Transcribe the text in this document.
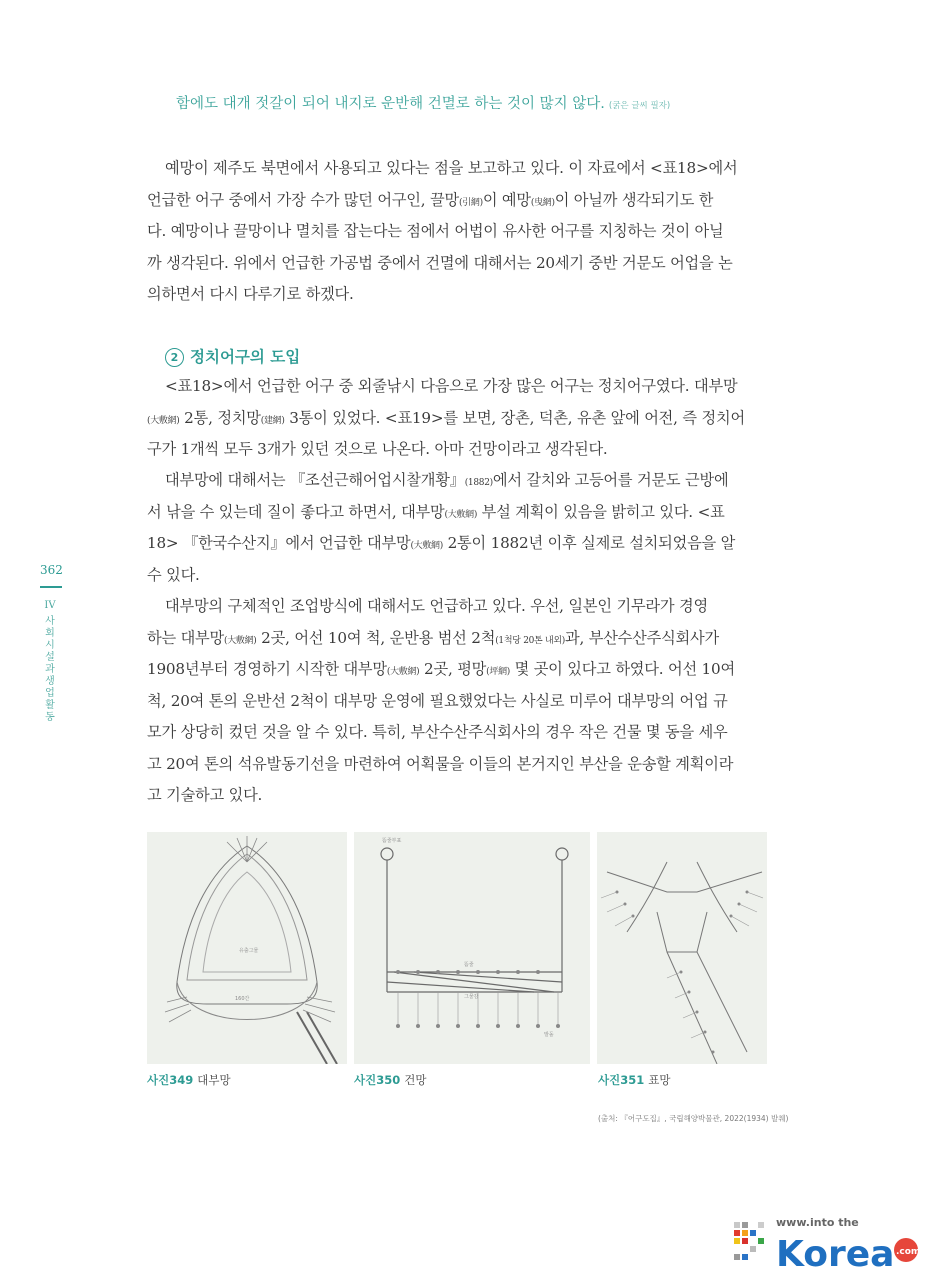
함에도 대개 젓갈이 되어 내지로 운반해 건멸로 하는 것이 많지 않다. (굵은 글씨 필자)
예망이 제주도 북면에서 사용되고 있다는 점을 보고하고 있다. 이 자료에서 <표18>에서
언급한 어구 중에서 가장 수가 많던 어구인, 끌망(引網)이 예망(曳網)이 아닐까 생각되기도 한
다. 예망이나 끌망이나 멸치를 잡는다는 점에서 어법이 유사한 어구를 지칭하는 것이 아닐
까 생각된다. 위에서 언급한 가공법 중에서 건멸에 대해서는 20세기 중반 거문도 어업을 논
의하면서 다시 다루기로 하겠다.
2 정치어구의 도입
<표18>에서 언급한 어구 중 외줄낚시 다음으로 가장 많은 어구는 정치어구였다. 대부망
(大敷網) 2통, 정치망(建網) 3통이 있었다. <표19>를 보면, 장촌, 덕촌, 유촌 앞에 어전, 즉 정치어
구가 1개씩 모두 3개가 있던 것으로 나온다. 아마 건망이라고 생각된다.
대부망에 대해서는 『조선근해어업시찰개황』(1882)에서 갈치와 고등어를 거문도 근방에
서 낚을 수 있는데 질이 좋다고 하면서, 대부망(大敷網) 부설 계획이 있음을 밝히고 있다. <표
18> 『한국수산지』에서 언급한 대부망(大敷網) 2통이 1882년 이후 실제로 설치되었음을 알
수 있다.
대부망의 구체적인 조업방식에 대해서도 언급하고 있다. 우선, 일본인 기무라가 경영
하는 대부망(大敷網) 2곳, 어선 10여 척, 운반용 범선 2척(1척당 20톤 내외)과, 부산수산주식회사가
1908년부터 경영하기 시작한 대부망(大敷網) 2곳, 평망(坪網) 몇 곳이 있다고 하였다. 어선 10여
척, 20여 톤의 운반선 2척이 대부망 운영에 필요했었다는 사실로 미루어 대부망의 어업 규
모가 상당히 컸던 것을 알 수 있다. 특히, 부산수산주식회사의 경우 작은 건물 몇 동을 세우
고 20여 톤의 석유발동기선을 마련하여 어획물을 이들의 본거지인 부산을 운송할 계획이라
고 기술하고 있다.
362
IV
사회시설과생업활동
유출그물
160간
뜸줄부표
뜸줄
그물감
발돌
사진349 대부망	사진350 건망	사진351 표망
(출처: 『어구도집』, 국립해양박물관, 2022(1934) 발췌)
www.into the
Korea .com
